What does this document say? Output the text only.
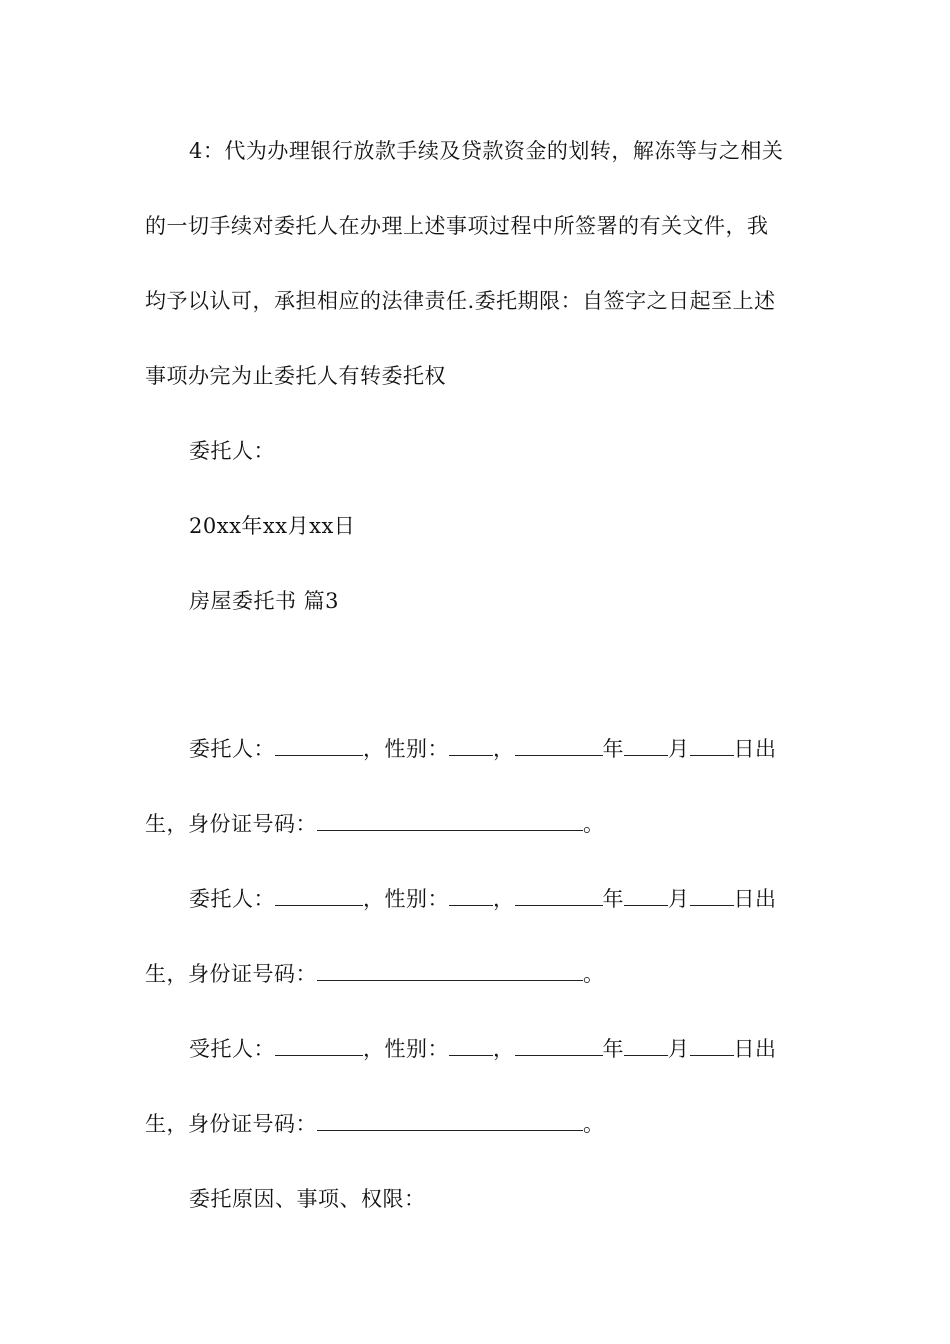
4：代为办理银行放款手续及贷款资金的划转，解冻等与之相关
的一切手续对委托人在办理上述事项过程中所签署的有关文件，我
均予以认可，承担相应的法律责任.委托期限：自签字之日起至上述
事项办完为止委托人有转委托权
委托人：
20xx年xx月xx日
房屋委托书 篇3
委托人：	，性别： ，	年 月 日出
生，身份证号码：	。
委托人：	，性别： ，	年 月 日出
生，身份证号码：	。
受托人：	，性别： ，	年 月 日出
生，身份证号码：	。
委托原因、事项、权限：
